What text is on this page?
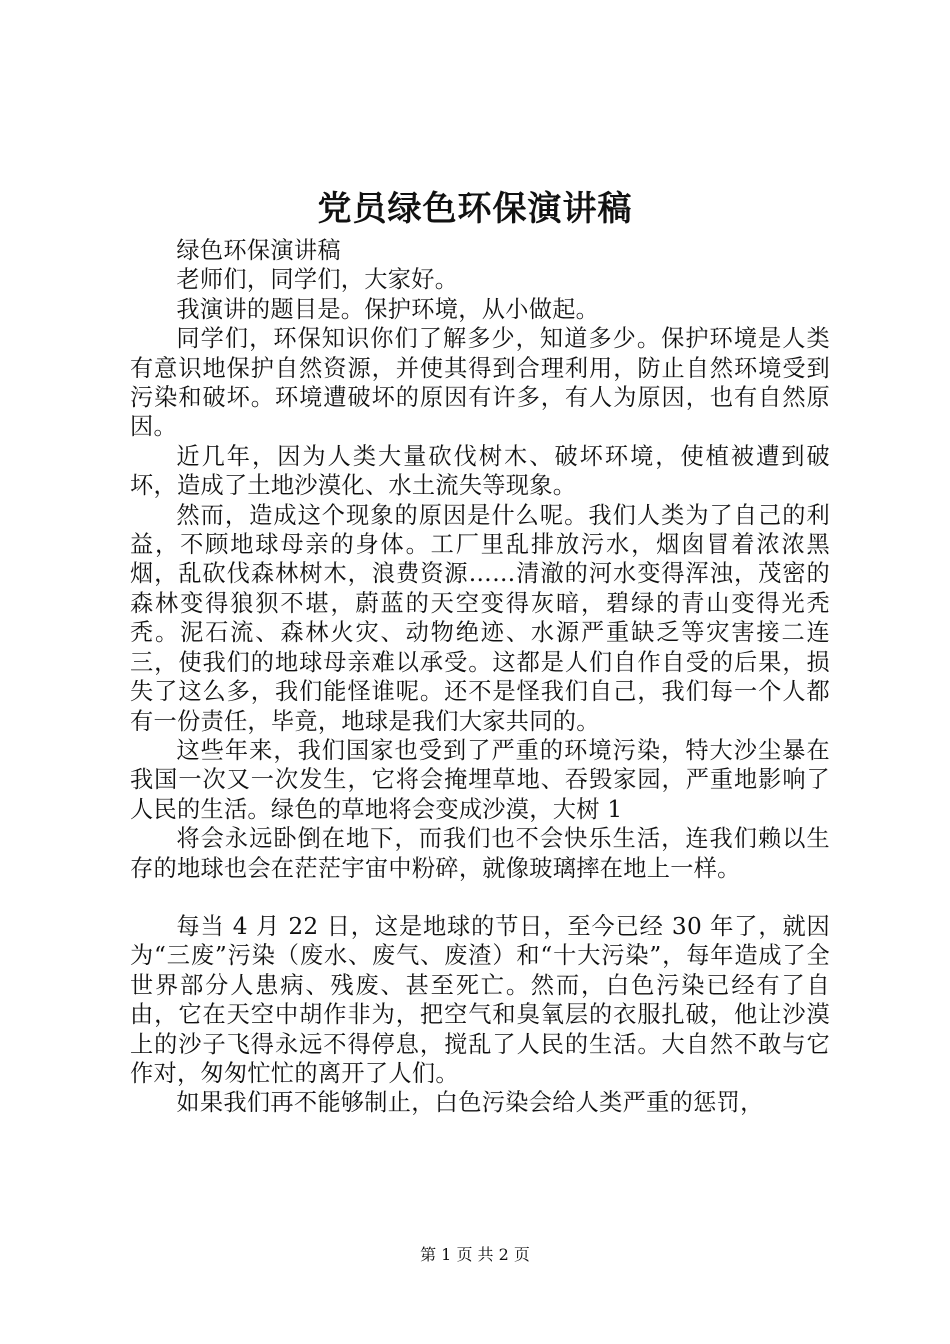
党员绿色环保演讲稿

绿色环保演讲稿

老师们，同学们，大家好。

我演讲的题目是。保护环境，从小做起。

同学们，环保知识你们了解多少，知道多少。保护环境是人类有意识地保护自然资源，并使其得到合理利用，防止自然环境受到污染和破坏。环境遭破坏的原因有许多，有人为原因，也有自然原因。

近几年，因为人类大量砍伐树木、破坏环境，使植被遭到破坏，造成了土地沙漠化、水土流失等现象。

然而，造成这个现象的原因是什么呢。我们人类为了自己的利益，不顾地球母亲的身体。工厂里乱排放污水，烟囱冒着浓浓黑烟，乱砍伐森林树木，浪费资源……清澈的河水变得浑浊，茂密的森林变得狼狈不堪，蔚蓝的天空变得灰暗，碧绿的青山变得光秃秃。泥石流、森林火灾、动物绝迹、水源严重缺乏等灾害接二连三，使我们的地球母亲难以承受。这都是人们自作自受的后果，损失了这么多，我们能怪谁呢。还不是怪我们自己，我们每一个人都有一份责任，毕竟，地球是我们大家共同的。

这些年来，我们国家也受到了严重的环境污染，特大沙尘暴在我国一次又一次发生，它将会掩埋草地、吞毁家园，严重地影响了人民的生活。绿色的草地将会变成沙漠，大树 1

将会永远卧倒在地下，而我们也不会快乐生活，连我们赖以生存的地球也会在茫茫宇宙中粉碎，就像玻璃摔在地上一样。

每当 4 月 22 日，这是地球的节日，至今已经 30 年了，就因为“三废”污染（废水、废气、废渣）和“十大污染”，每年造成了全世界部分人患病、残废、甚至死亡。然而，白色污染已经有了自由，它在天空中胡作非为，把空气和臭氧层的衣服扎破，他让沙漠上的沙子飞得永远不得停息，搅乱了人民的生活。大自然不敢与它作对，匆匆忙忙的离开了人们。

如果我们再不能够制止，白色污染会给人类严重的惩罚，

第 1 页 共 2 页
